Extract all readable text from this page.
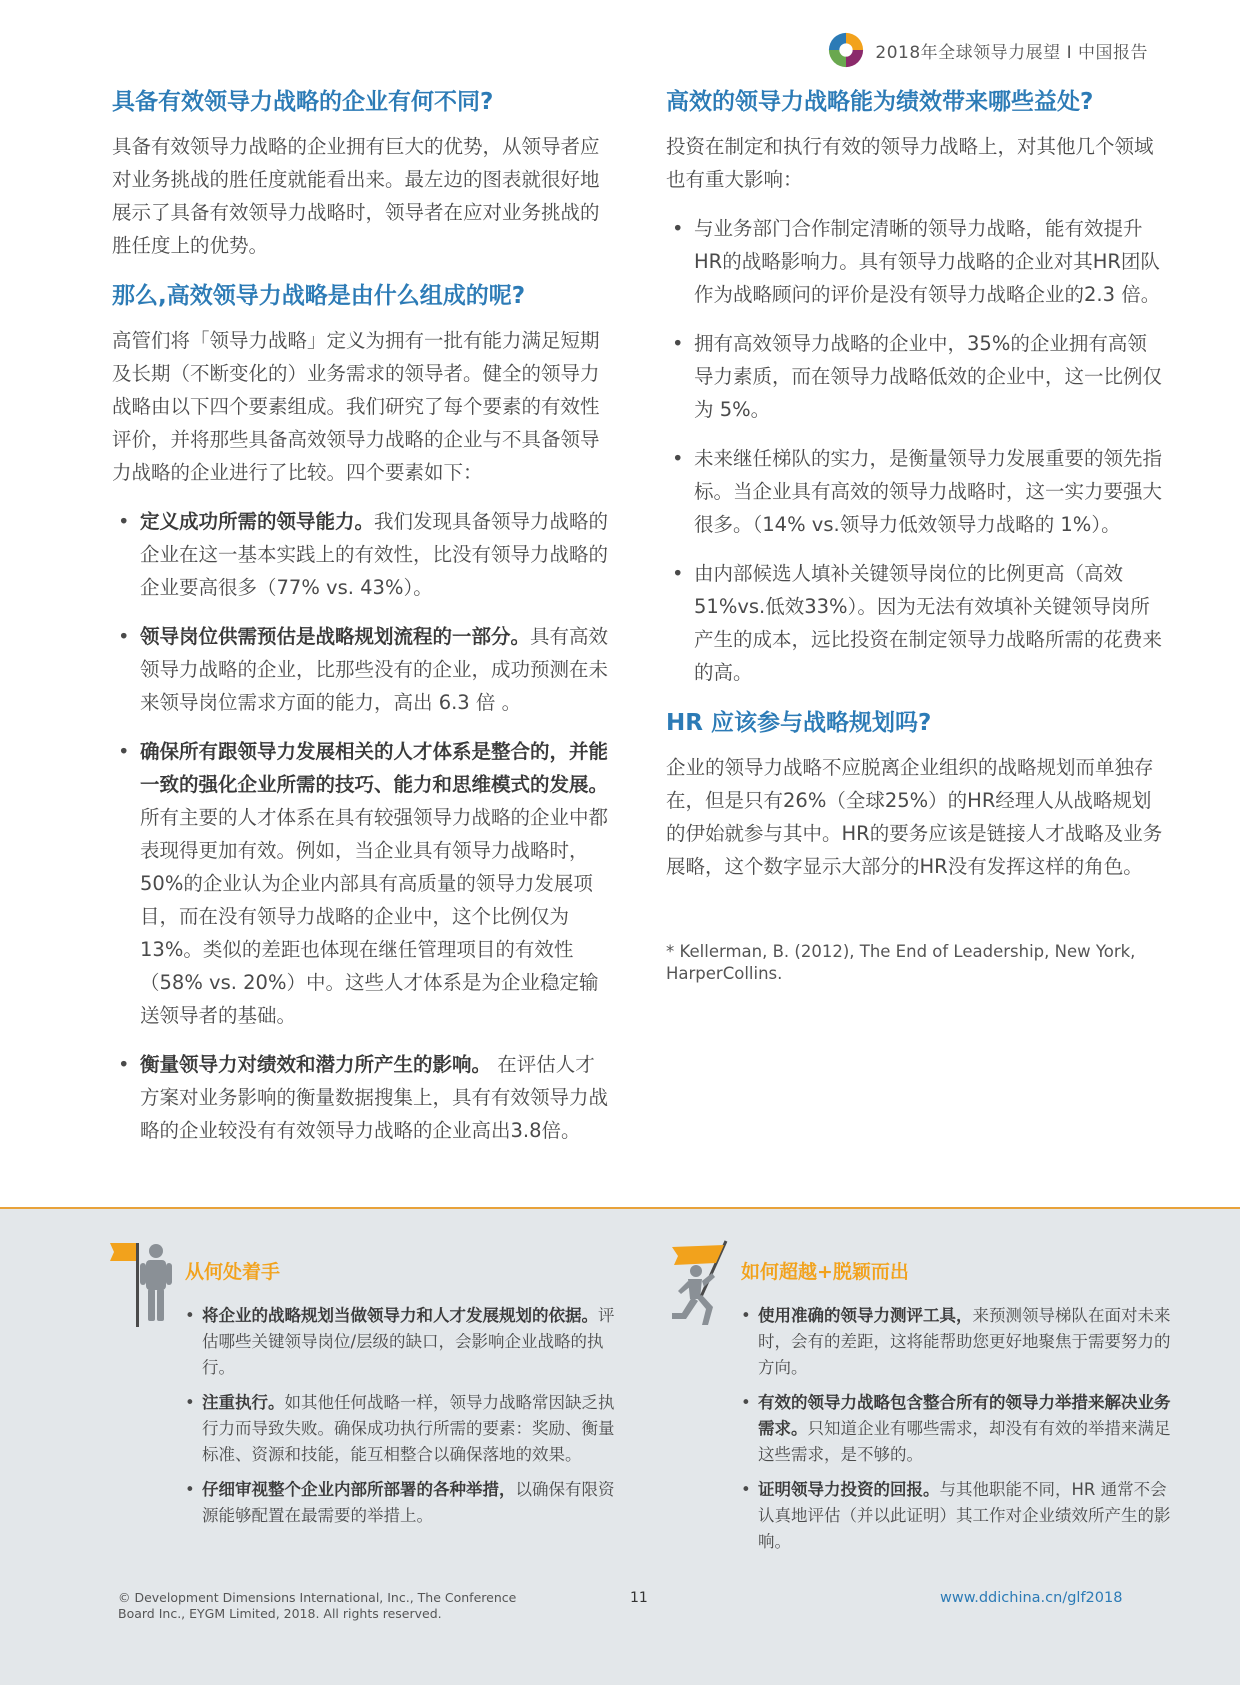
2018年全球领导力展望 I 中国报告
具备有效领导力战略的企业有何不同?

具备有效领导力战略的企业拥有巨大的优势，从领导者应对业务挑战的胜任度就能看出来。最左边的图表就很好地展示了具备有效领导力战略时，领导者在应对业务挑战的胜任度上的优势。

那么,高效领导力战略是由什么组成的呢?

高管们将「领导力战略」定义为拥有一批有能力满足短期及长期（不断变化的）业务需求的领导者。健全的领导力战略由以下四个要素组成。我们研究了每个要素的有效性评价，并将那些具备高效领导力战略的企业与不具备领导力战略的企业进行了比较。四个要素如下：

• 定义成功所需的领导能力。我们发现具备领导力战略的企业在这一基本实践上的有效性，比没有领导力战略的企业要高很多（77% vs. 43%）。
• 领导岗位供需预估是战略规划流程的一部分。具有高效领导力战略的企业，比那些没有的企业，成功预测在未来领导岗位需求方面的能力，高出 6.3 倍 。
• 确保所有跟领导力发展相关的人才体系是整合的，并能一致的强化企业所需的技巧、能力和思维模式的发展。所有主要的人才体系在具有较强领导力战略的企业中都表现得更加有效。例如，当企业具有领导力战略时，50%的企业认为企业内部具有高质量的领导力发展项目，而在没有领导力战略的企业中，这个比例仅为13%。类似的差距也体现在继任管理项目的有效性（58% vs. 20%）中。这些人才体系是为企业稳定输送领导者的基础。
• 衡量领导力对绩效和潜力所产生的影响。 在评估人才方案对业务影响的衡量数据搜集上，具有有效领导力战略的企业较没有有效领导力战略的企业高出3.8倍。
高效的领导力战略能为绩效带来哪些益处?

投资在制定和执行有效的领导力战略上，对其他几个领域也有重大影响：

• 与业务部门合作制定清晰的领导力战略，能有效提升HR的战略影响力。具有领导力战略的企业对其HR团队作为战略顾问的评价是没有领导力战略企业的2.3 倍。
• 拥有高效领导力战略的企业中，35%的企业拥有高领导力素质，而在领导力战略低效的企业中，这一比例仅为 5%。
• 未来继任梯队的实力，是衡量领导力发展重要的领先指标。当企业具有高效的领导力战略时，这一实力要强大很多。（14% vs.领导力低效领导力战略的 1%）。
• 由内部候选人填补关键领导岗位的比例更高（高效51%vs.低效33%）。因为无法有效填补关键领导岗所产生的成本，远比投资在制定领导力战略所需的花费来的高。
HR 应该参与战略规划吗?

企业的领导力战略不应脱离企业组织的战略规划而单独存在，但是只有26%（全球25%）的HR经理人从战略规划的伊始就参与其中。HR的要务应该是链接人才战略及业务展略，这个数字显示大部分的HR没有发挥这样的角色。

* Kellerman, B. (2012), The End of Leadership, New York, HarperCollins.
从何处着手
• 将企业的战略规划当做领导力和人才发展规划的依据。评估哪些关键领导岗位/层级的缺口，会影响企业战略的执行。
• 注重执行。如其他任何战略一样，领导力战略常因缺乏执行力而导致失败。确保成功执行所需的要素：奖励、衡量标准、资源和技能，能互相整合以确保落地的效果。
• 仔细审视整个企业内部所部署的各种举措，以确保有限资源能够配置在最需要的举措上。
如何超越+脱颖而出
• 使用准确的领导力测评工具，来预测领导梯队在面对未来时，会有的差距，这将能帮助您更好地聚焦于需要努力的方向。
• 有效的领导力战略包含整合所有的领导力举措来解决业务需求。只知道企业有哪些需求，却没有有效的举措来满足这些需求，是不够的。
• 证明领导力投资的回报。与其他职能不同，HR 通常不会认真地评估（并以此证明）其工作对企业绩效所产生的影响。
© Development Dimensions International, Inc., The Conference Board Inc., EYGM Limited, 2018. All rights reserved.
11	www.ddichina.cn/glf2018
